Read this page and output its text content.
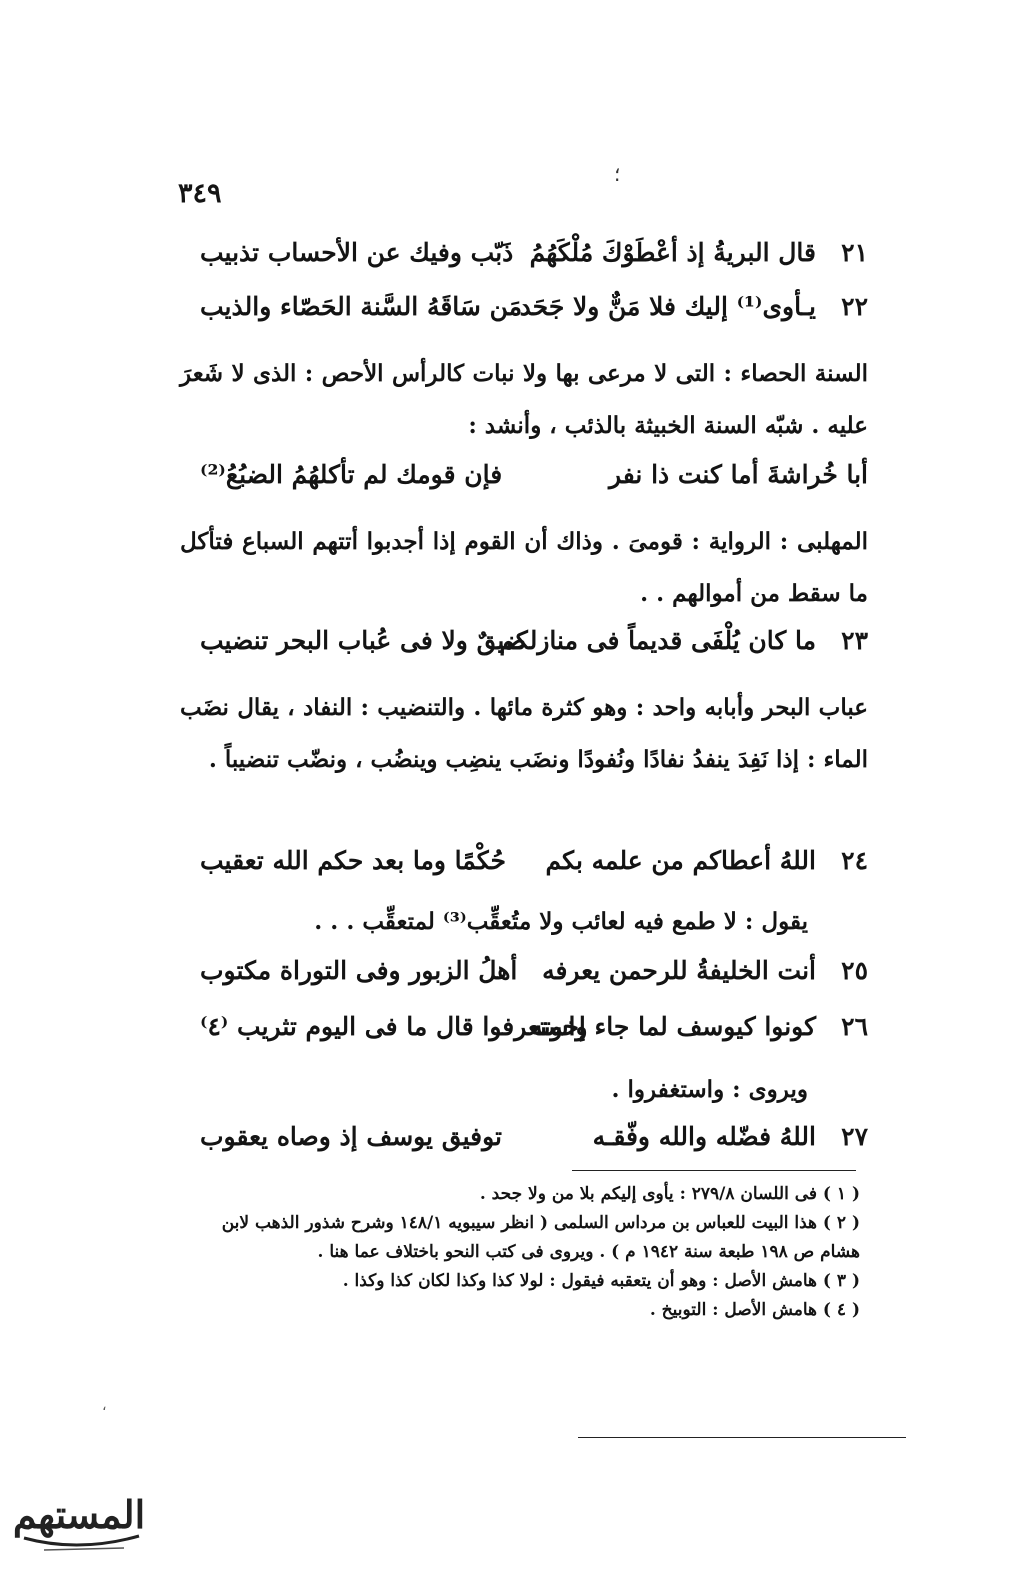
٣٤٩
؛
٢١
قال البريةُ إذ أعْطَوْكَ مُلْكَهُمُ
ذَبّب وفيك عن الأحساب تذبيب
٢٢
يـأوى⁽¹⁾ إليك فلا مَنٌّ ولا جَحَد
مَن سَاقَهُ السَّنة الحَصّاء والذيب
السنة الحصاء : التى لا مرعى بها ولا نبات كالرأس الأحص : الذى لا شَعرَ عليه . شبّه السنة الخبيثة بالذئب ، وأنشد :
أبا خُراشةَ أما كنت ذا نفر
فإن قومك لم تأكلهُمُ الضبُعُ⁽²⁾
المهلبى : الرواية : قومىَ . وذاك أن القوم إذا أجدبوا أتتهم السباع فتأكل ما سقط من أموالهم . .
٢٣
ما كان يُلْفَى قديماً فى منازلكم
ضيقٌ ولا فى عُباب البحر تنضيب
عباب البحر وأبابه واحد : وهو كثرة مائها . والتنضيب : النفاد ، يقال نضَب الماء : إذا نَفِدَ ينفدُ نفادًا ونُفودًا ونضَب ينضِب وينضُب ، ونضّب تنضيباً .
٢٤
اللهُ أعطاكم من علمه بكم
حُكْمًا وما بعد حكم الله تعقيب
يقول : لا طمع فيه لعائب ولا متُعقِّب⁽³⁾ لمتعقِّب . . .
٢٥
أنت الخليفةُ للرحمن يعرفه
أهلُ الزبور وفى التوراة مكتوب
٢٦
كونوا كيوسف لما جاء إخوته
واستعرفوا قال ما فى اليوم تثريب ⁽٤⁾
ويروى : واستغفروا .
٢٧
اللهُ فضّله والله وفّقـه
توفيق يوسف إذ وصاه يعقوب
( ١ ) فى اللسان ٢٧٩/٨ : يأوى إليكم بلا من ولا جحد .
( ٢ ) هذا البيت للعباس بن مرداس السلمى ( انظر سيبويه ١٤٨/١ وشرح شذور الذهب لابن هشام ص ١٩٨ طبعة سنة ١٩٤٢ م ) . ويروى فى كتب النحو باختلاف عما هنا .
( ٣ ) هامش الأصل : وهو أن يتعقبه فيقول : لولا كذا وكذا لكان كذا وكذا .
( ٤ ) هامش الأصل : التوبيخ .
،
المستهم
